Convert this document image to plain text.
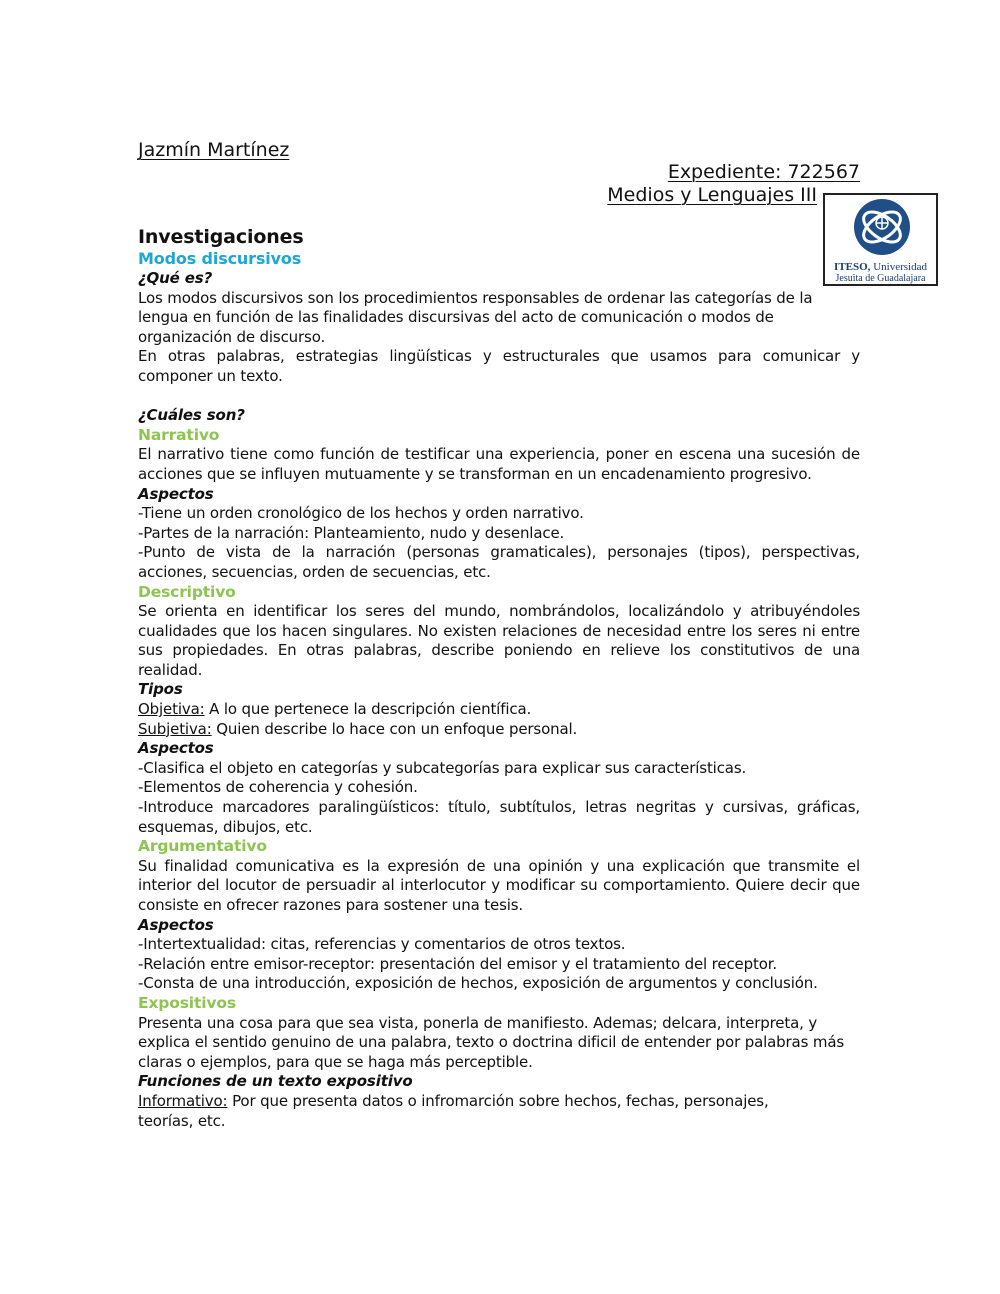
Jazmín Martínez
Expediente: 722567
Medios y Lenguajes III
ITESO, Universidad
Jesuita de Guadalajara

Investigaciones

Modos discursivos

¿Qué es?

Los modos discursivos son los procedimientos responsables de ordenar las categorías de la lengua en función de las finalidades discursivas del acto de comunicación o modos de organización de discurso.

En otras palabras, estrategias lingüísticas y estructurales que usamos para comunicar y componer un texto.

¿Cuáles son?

Narrativo

El narrativo tiene como función de testificar una experiencia, poner en escena una sucesión de acciones que se influyen mutuamente y se transforman en un encadenamiento progresivo.

Aspectos

-Tiene un orden cronológico de los hechos y orden narrativo.

-Partes de la narración: Planteamiento, nudo y desenlace.

-Punto de vista de la narración (personas gramaticales), personajes (tipos), perspectivas, acciones, secuencias, orden de secuencias, etc.

Descriptivo

Se orienta en identificar los seres del mundo, nombrándolos, localizándolo y atribuyéndoles cualidades que los hacen singulares. No existen relaciones de necesidad entre los seres ni entre sus propiedades. En otras palabras, describe poniendo en relieve los constitutivos de una realidad.

Tipos

Objetiva: A lo que pertenece la descripción científica.

Subjetiva: Quien describe lo hace con un enfoque personal.

Aspectos

-Clasifica el objeto en categorías y subcategorías para explicar sus características.

-Elementos de coherencia y cohesión.

-Introduce marcadores paralingüísticos: título, subtítulos, letras negritas y cursivas, gráficas, esquemas, dibujos, etc.

Argumentativo

Su finalidad comunicativa es la expresión de una opinión y una explicación que transmite el interior del locutor de persuadir al interlocutor y modificar su comportamiento. Quiere decir que consiste en ofrecer razones para sostener una tesis.

Aspectos

-Intertextualidad: citas, referencias y comentarios de otros textos.

-Relación entre emisor-receptor: presentación del emisor y el tratamiento del receptor.

-Consta de una introducción, exposición de hechos, exposición de argumentos y conclusión.

Expositivos

Presenta una cosa para que sea vista, ponerla de manifiesto. Ademas; delcara, interpreta, y explica el sentido genuino de una palabra, texto o doctrina dificil de entender por palabras más claras o ejemplos, para que se haga más perceptible.

Funciones de un texto expositivo

Informativo: Por que presenta datos o infromarción sobre hechos, fechas, personajes, teorías, etc.
